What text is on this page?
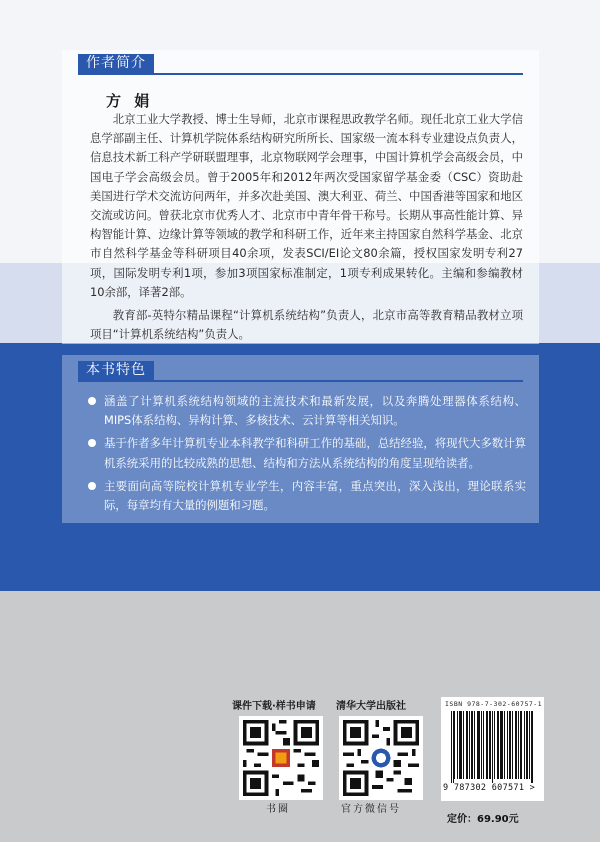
作者简介
方 娟

北京工业大学教授、博士生导师，北京市课程思政教学名师。现任北京工业大学信息学部副主任、计算机学院体系结构研究所所长、国家级一流本科专业建设点负责人，信息技术新工科产学研联盟理事，北京物联网学会理事，中国计算机学会高级会员，中国电子学会高级会员。曾于2005年和2012年两次受国家留学基金委（CSC）资助赴美国进行学术交流访问两年，并多次赴美国、澳大利亚、荷兰、中国香港等国家和地区交流或访问。曾获北京市优秀人才、北京市中青年骨干称号。长期从事高性能计算、异构智能计算、边缘计算等领域的教学和科研工作，近年来主持国家自然科学基金、北京市自然科学基金等科研项目40余项，发表SCI/EI论文80余篇，授权国家发明专利27项，国际发明专利1项，参加3项国家标准制定，1项专利成果转化。主编和参编教材10余部，译著2部。

教育部-英特尔精品课程“计算机系统结构”负责人，北京市高等教育精品教材立项项目“计算机系统结构”负责人。

本书特色
涵盖了计算机系统结构领域的主流技术和最新发展，以及奔腾处理器体系结构、MIPS体系结构、异构计算、多核技术、云计算等相关知识。
基于作者多年计算机专业本科教学和科研工作的基础，总结经验，将现代大多数计算机系统采用的比较成熟的思想、结构和方法从系统结构的角度呈现给读者。
主要面向高等院校计算机专业学生，内容丰富，重点突出，深入浅出，理论联系实际，每章均有大量的例题和习题。
课件下载·样书申请
书圈
清华大学出版社
官方微信号
ISBN 978-7-302-60757-1
9 787302 607571 >
定价：69.90元
